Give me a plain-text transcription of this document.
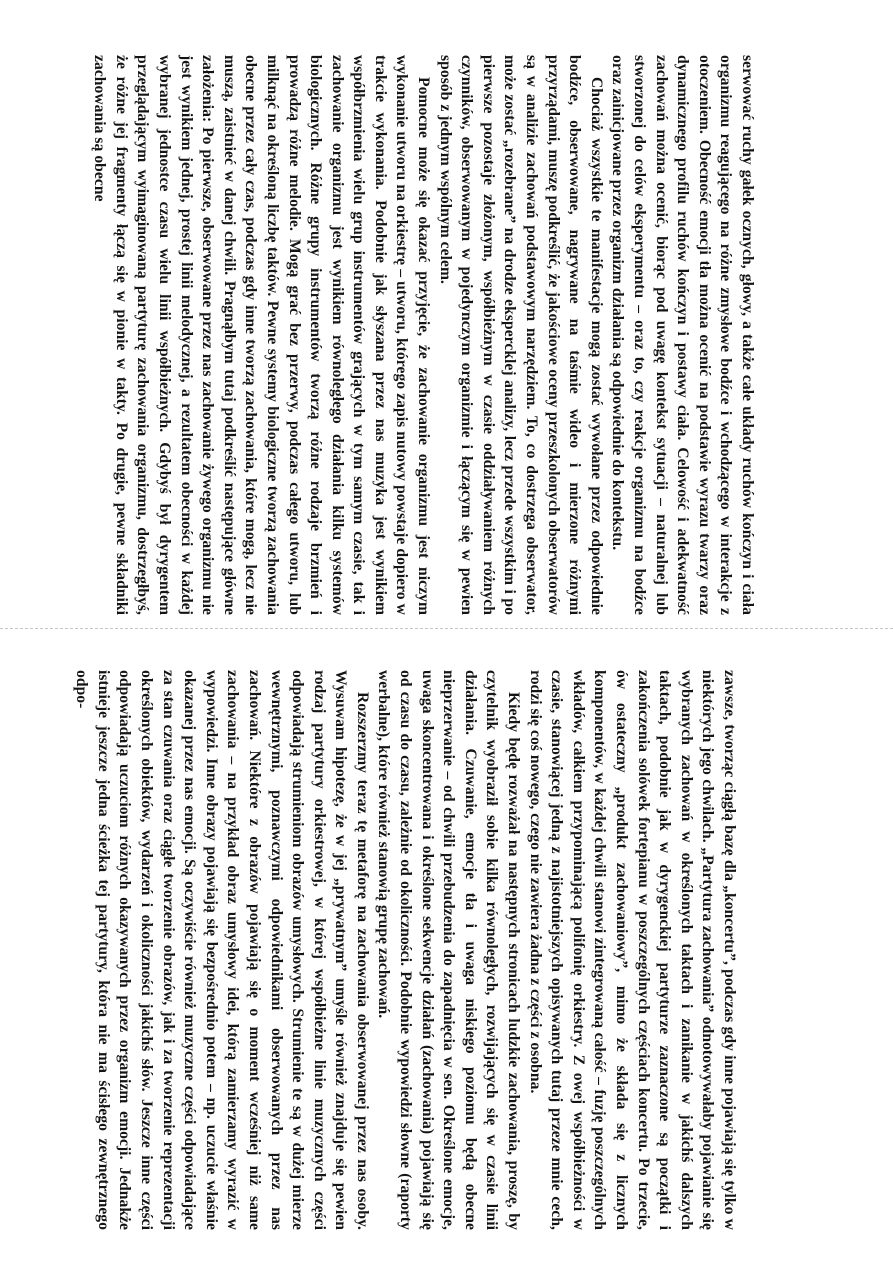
serwować ruchy gałek ocznych, głowy, a także całe układy ruchów kończyn i ciała organizmu reagującego na różne zmysłowe bodźce i wchodzącego w interakcje z otoczeniem. Obecność emocji tła można ocenić na podstawie wyrazu twarzy oraz dynamicznego profilu ruchów kończyn i postawy ciała. Celowość i adekwatność zachowań można ocenić, biorąc pod uwagę kontekst sytuacji – naturalnej lub stworzonej do celów eksperymentu – oraz to, czy reakcje organizmu na bodźce oraz zainicjowane przez organizm działania są odpowiednie do kontekstu.

Chociaż wszystkie te manifestacje mogą zostać wywołane przez odpowiednie bodźce, obserwowane, nagrywane na taśmie wideo i mierzone różnymi przyrządami, muszę podkreślić, że jakościowe oceny przeszkolonych obserwatorów są w analizie zachowań podstawowym narzędziem. To, co dostrzega obserwator, może zostać „rozebrane” na drodze ekspercklej analizy, lecz przede wszystkim i po pierwsze pozostaje złożonym, współbieżnym w czasie oddziaływaniem różnych czynników, obserwowanym w pojedynczym organizmie i łączącym się w pewien sposób z jednym wspólnym celem.

Pomocne może się okazać przyjęcie, że zachowanie organizmu jest niczym wykonanie utworu na orkiestrę – utworu, którego zapis nutowy powstaje dopiero w trakcie wykonania. Podobnie jak słyszana przez nas muzyka jest wynikiem współbrzmienia wielu grup instrumentów grających w tym samym czasie, tak i zachowanie organizmu jest wynikiem równoległego działania kilku systemów biologicznych. Różne grupy instrumentów tworzą różne rodzaje brzmień i prowadzą różne melodie. Mogą grać bez przerwy, podczas całego utworu, lub milknąć na określoną liczbę taktów. Pewne systemy biologiczne tworzą zachowania obecne przez cały czas, podczas gdy inne tworzą zachowania, które mogą, lecz nie muszą, zaistnieć w danej chwili. Pragnąłbym tutaj podkreślić następujące główne założenia: Po pierwsze, obserwowane przez nas zachowanie żywego organizmu nie jest wynikiem jednej, prostej linii melodycznej, a rezultatem obecności w każdej wybranej jednostce czasu wielu linii współbieżnych. Gdybyś był dyrygentem przeglądającym wyimaginowaną partyturę zachowania organizmu, dostrzegłbyś, że różne jej fragmenty łączą się w pionie w takty. Po drugie, pewne składniki zachowania są obecne

zawsze, tworząc ciągłą bazę dla „koncertu”, podczas gdy inne pojawiają się tylko w niektórych jego chwilach. „Partytura zachowania” odnotowywałaby pojawianie się wybranych zachowań w określonych taktach i zanikanie w jakichś dalszych taktach, podobnie jak w dyrygenckiej partyturze zaznaczone są początki i zakończenia solówek fortepianu w poszczególnych częściach koncertu. Po trzecie, ów ostateczny „produkt zachowaniowy”, mimo że składa się z licznych komponentów, w każdej chwili stanowi zintegrowaną całość – fuzję poszczególnych wkładów, całkiem przypominającą polifonię orkiestry. Z owej współbieżności w czasie, stanowiącej jedną z najistotniejszych opisywanych tutaj przeze mnie cech, rodzi się coś nowego, czego nie zawiera żadna z części z osobna.

Kiedy będę rozważał na następnych stronicach ludzkie zachowania, proszę, by czytelnik wyobraził sobie kilka równoległych, rozwijających się w czasie linii działania. Czuwanie, emocje tła i uwaga niskiego poziomu będą obecne nieprzerwanie – od chwili przebudzenia do zapadnięcia w sen. Określone emocje, uwaga skoncentrowana i określone sekwencje działań (zachowania) pojawiają się od czasu do czasu, zależnie od okoliczności. Podobnie wypowiedzi słowne (raporty werbalne), które również stanowią grupę zachowań.

Rozszerzmy teraz tę metaforę na zachowania obserwowanej przez nas osoby. Wysuwam hipotezę, że w jej „prywatnym” umyśle również znajduje się pewien rodzaj partytury orkiestrowej, w której współbieżne linie muzycznych części odpowiadają strumieniom obrazów umysłowych. Strumienie te są w dużej mierze wewnętrznymi, poznawczymi odpowiednikami obserwowanych przez nas zachowań. Niektóre z obrazów pojawiają się o moment wcześniej niż same zachowania – na przykład obraz umysłowy idei, którą zamierzamy wyrazić w wypowiedzi. Inne obrazy pojawiają się bezpośrednio potem – np. uczucie właśnie okazanej przez nas emocji. Są oczywiście również muzyczne części odpowiadające za stan czuwania oraz ciągłe tworzenie obrazów, jak i za tworzenie reprezentacji określonych obiektów, wydarzeń i okoliczności jakichś słów. Jeszcze inne części odpowiadają uczuciom różnych okazywanych przez organizm emocji. Jednakże istnieje jeszcze jedna ścieżka tej partytury, która nie ma ścisłego zewnętrznego odpo-
